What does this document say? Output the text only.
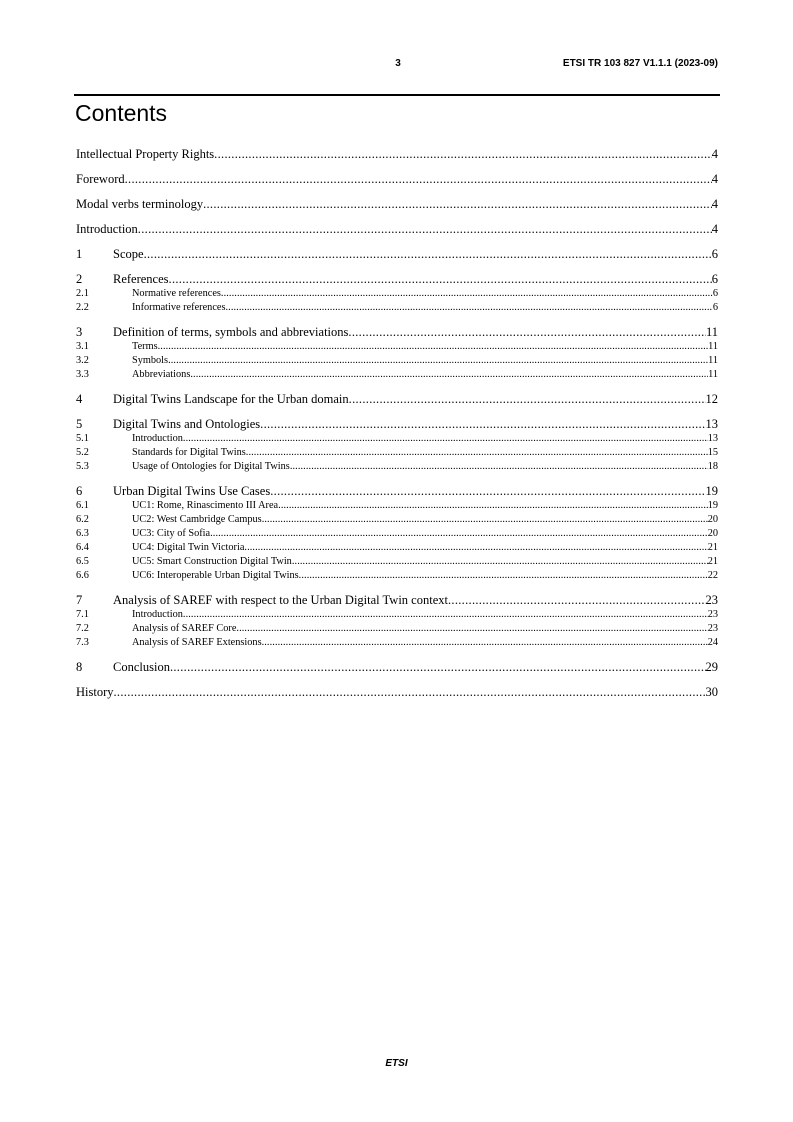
3	ETSI TR 103 827 V1.1.1 (2023-09)
Contents
Intellectual Property Rights .....	4
Foreword .....	4
Modal verbs terminology .....	4
Introduction .....	4
1	Scope .....	6
2	References .....	6
2.1	Normative references .....	6
2.2	Informative references .....	6
3	Definition of terms, symbols and abbreviations .....	11
3.1	Terms .....	11
3.2	Symbols .....	11
3.3	Abbreviations .....	11
4	Digital Twins Landscape for the Urban domain .....	12
5	Digital Twins and Ontologies .....	13
5.1	Introduction .....	13
5.2	Standards for Digital Twins .....	15
5.3	Usage of Ontologies for Digital Twins .....	18
6	Urban Digital Twins Use Cases .....	19
6.1	UC1: Rome, Rinascimento III Area .....	19
6.2	UC2: West Cambridge Campus .....	20
6.3	UC3: City of Sofia .....	20
6.4	UC4: Digital Twin Victoria .....	21
6.5	UC5: Smart Construction Digital Twin .....	21
6.6	UC6: Interoperable Urban Digital Twins .....	22
7	Analysis of SAREF with respect to the Urban Digital Twin context .....	23
7.1	Introduction .....	23
7.2	Analysis of SAREF Core .....	23
7.3	Analysis of SAREF Extensions .....	24
8	Conclusion .....	29
History .....	30
ETSI
